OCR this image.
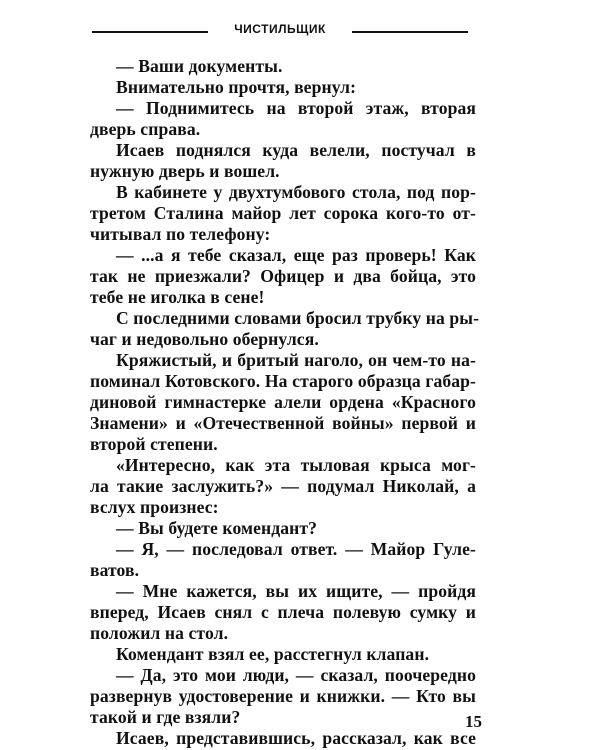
ЧИСТИЛЬЩИК
— Ваши документы.
Внимательно прочтя, вернул:
— Поднимитесь на второй этаж, вторая
дверь справа.
Исаев поднялся куда велели, постучал в
нужную дверь и вошел.
В кабинете у двухтумбового стола, под пор-
третом Сталина майор лет сорока кого-то от-
читывал по телефону:
— ...а я тебе сказал, еще раз проверь! Как
так не приезжали? Офицер и два бойца, это
тебе не иголка в сене!
С последними словами бросил трубку на ры-
чаг и недовольно обернулся.
Кряжистый, и бритый наголо, он чем-то на-
поминал Котовского. На старого образца габар-
диновой гимнастерке алели ордена «Красного
Знамени» и «Отечественной войны» первой и
второй степени.
«Интересно, как эта тыловая крыса мог-
ла такие заслужить?» — подумал Николай, а
вслух произнес:
— Вы будете комендант?
— Я, — последовал ответ. — Майор Гуле-
ватов.
— Мне кажется, вы их ищите, — пройдя
вперед, Исаев снял с плеча полевую сумку и
положил на стол.
Комендант взял ее, расстегнул клапан.
— Да, это мои люди, — сказал, поочередно
развернув удостоверение и книжки. — Кто вы
такой и где взяли?
Исаев, представившись, рассказал, как все
15
